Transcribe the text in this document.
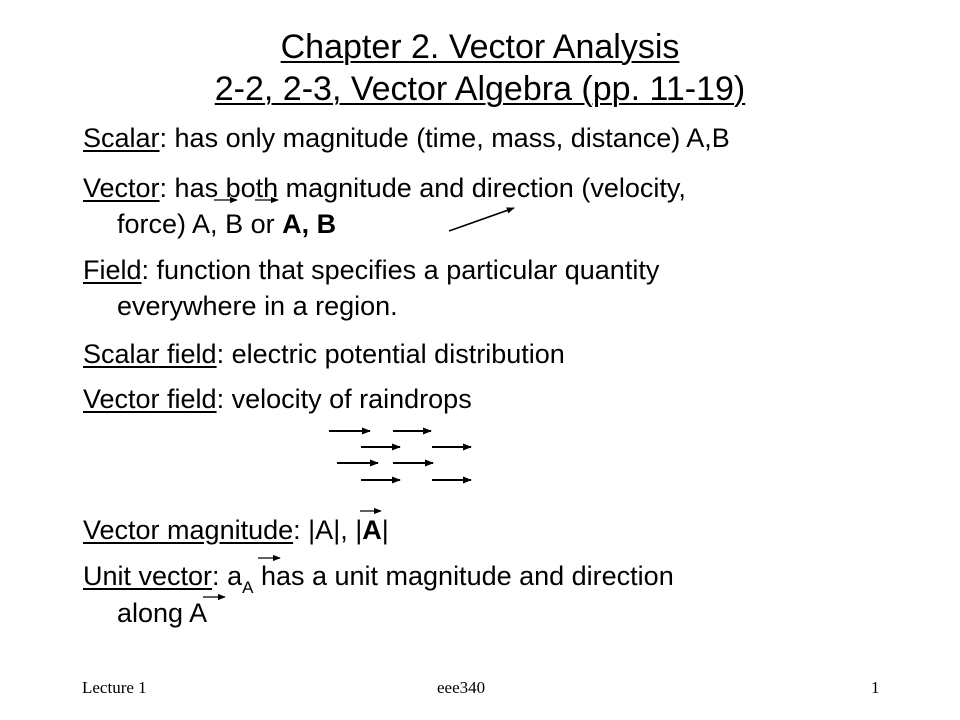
Chapter 2. Vector Analysis
2-2, 2-3, Vector Algebra (pp. 11-19)
Scalar: has only magnitude (time, mass, distance) A,B
Vector: has both magnitude and direction (velocity,
force) A, B or A, B
Field: function that specifies a particular quantity
everywhere in a region.
Scalar field: electric potential distribution
Vector field: velocity of raindrops
Vector magnitude: |A|, |A|
Unit vector: $a_A$ has a unit magnitude and direction
along A
Lecture 1	eee340	1
